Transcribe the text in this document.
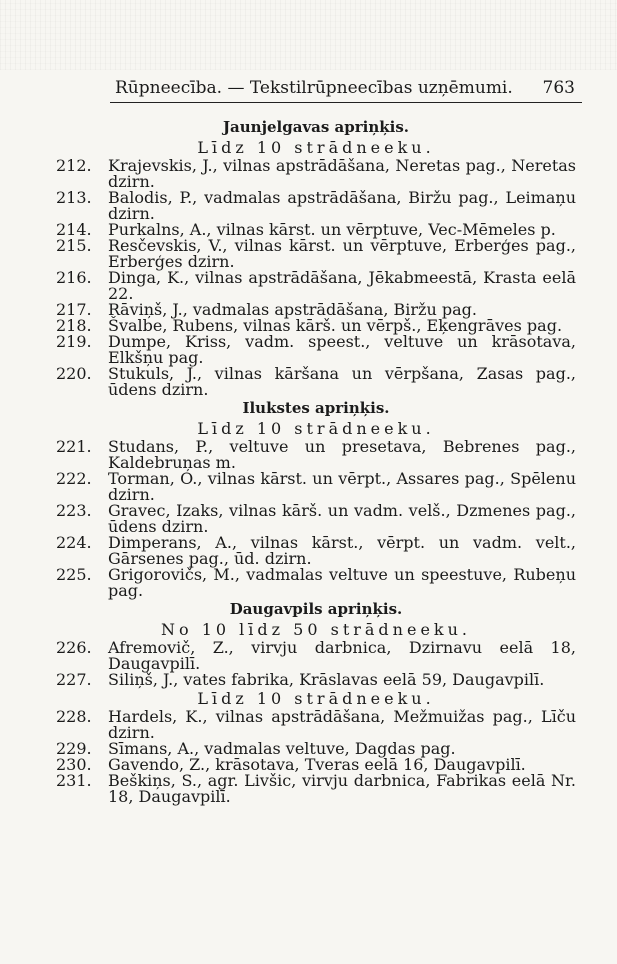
Rūpneecība. — Tekstilrūpneecības uzņēmumi. 763
Jaunjelgavas apriņķis.
Līdz 10 strādneeku.
212.	Krajevskis, J., vilnas apstrādāšana, Neretas pag., Neretas dzirn.
213.	Balodis, P., vadmalas apstrādāšana, Biržu pag., Leimaņu dzirn.
214.	Purkalns, A., vilnas kārst. un vērptuve, Vec-Mēmeles p.
215.	Resčevskis, V., vilnas kārst. un vērptuve, Erberģes pag., Erberģes dzirn.
216.	Dinga, K., vilnas apstrādāšana, Jēkabmeestā, Krasta eelā 22.
217.	Rāviņš, J., vadmalas apstrādāšana, Biržu pag.
218.	Švalbe, Rubens, vilnas kārš. un vērpš., Eķengrāves pag.
219.	Dumpe, Kriss, vadm. speest., veltuve un krāsotava, Elkšņu pag.
220.	Stukuls, J., vilnas kāršana un vērpšana, Zasas pag., ūdens dzirn.
Ilukstes apriņķis.
Līdz 10 strādneeku.
221.	Studans, P., veltuve un presetava, Bebrenes pag., Kaldebruņas m.
222.	Torman, O., vilnas kārst. un vērpt., Assares pag., Spēlenu dzirn.
223.	Gravec, Izaks, vilnas kārš. un vadm. velš., Dzmenes pag., ūdens dzirn.
224.	Dimperans, A., vilnas kārst., vērpt. un vadm. velt., Gārsenes pag., ūd. dzirn.
225.	Grigorovičs, M., vadmalas veltuve un speestuve, Rubeņu pag.
Daugavpils apriņķis.
No 10 līdz 50 strādneeku.
226.	Afremovič, Z., virvju darbnica, Dzirnavu eelā 18, Daugavpilī.
227.	Siliņš, J., vates fabrika, Krāslavas eelā 59, Daugavpilī.
Līdz 10 strādneeku.
228.	Hardels, K., vilnas apstrādāšana, Mežmuižas pag., Līču dzirn.
229.	Sīmans, A., vadmalas veltuve, Dagdas pag.
230.	Gavendo, Z., krāsotava, Tveras eelā 16, Daugavpilī.
231.	Beškiņs, S., agr. Livšic, virvju darbnica, Fabrikas eelā Nr. 18, Daugavpilī.
